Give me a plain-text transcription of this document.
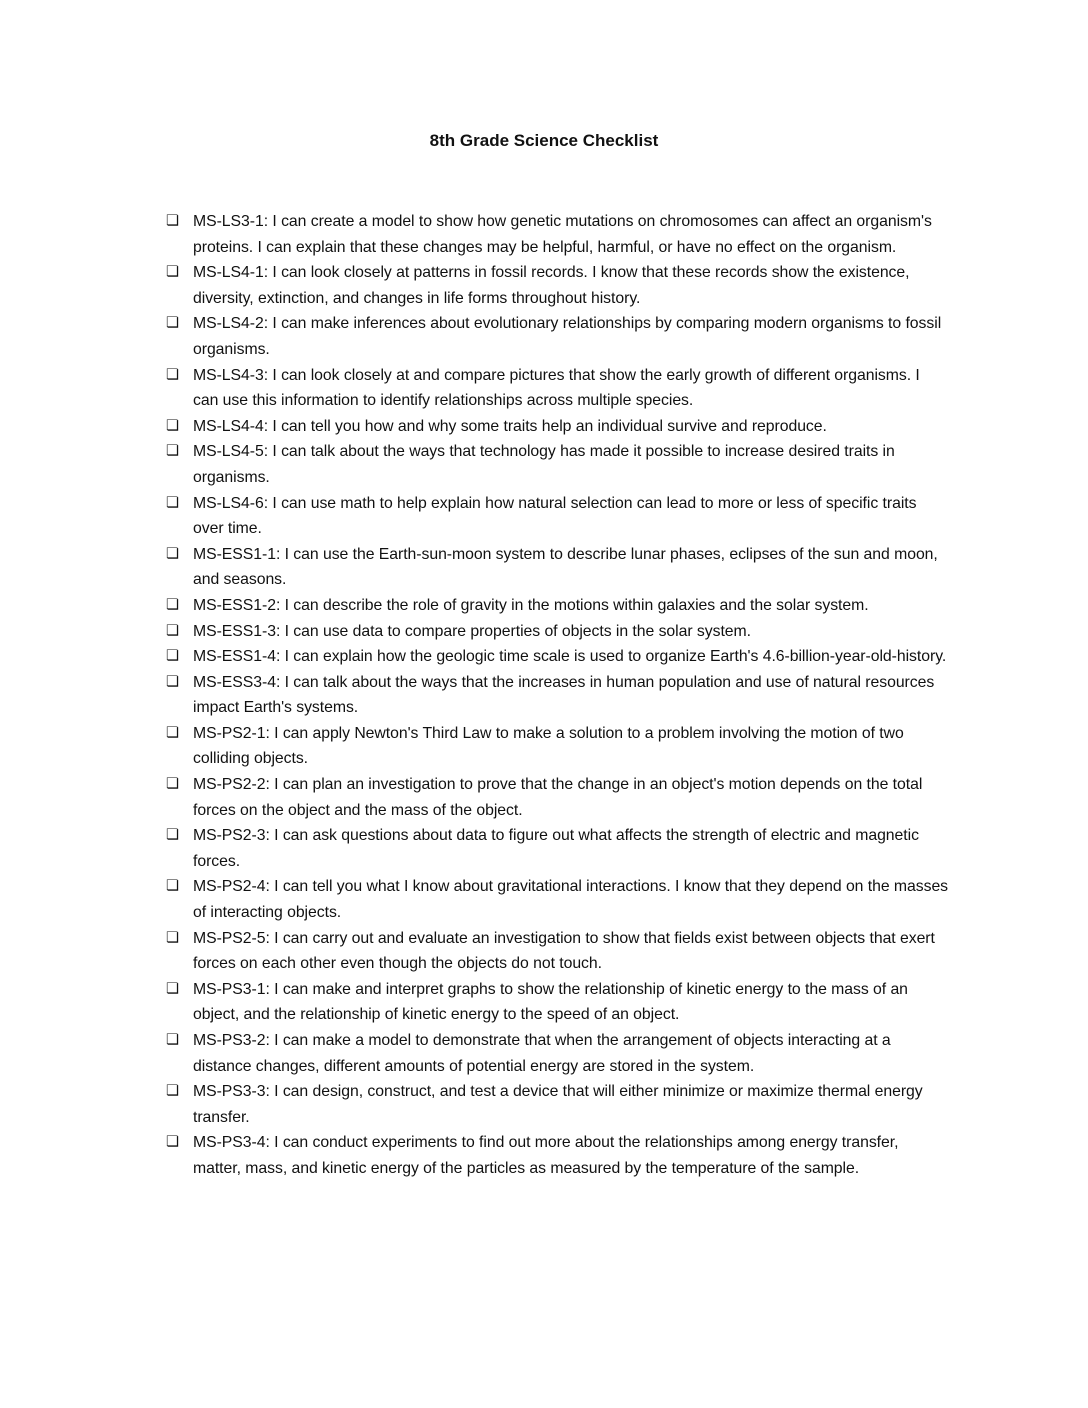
8th Grade Science Checklist
❏ MS-LS3-1: I can create a model to show how genetic mutations on chromosomes can affect an organism's proteins. I can explain that these changes may be helpful, harmful, or have no effect on the organism.
❏ MS-LS4-1: I can look closely at patterns in fossil records. I know that these records show the existence, diversity, extinction, and changes in life forms throughout history.
❏ MS-LS4-2: I can make inferences about evolutionary relationships by comparing modern organisms to fossil organisms.
❏ MS-LS4-3: I can look closely at and compare pictures that show the early growth of different organisms. I can use this information to identify relationships across multiple species.
❏ MS-LS4-4: I can tell you how and why some traits help an individual survive and reproduce.
❏ MS-LS4-5: I can talk about the ways that technology has made it possible to increase desired traits in organisms.
❏ MS-LS4-6: I can use math to help explain how natural selection can lead to more or less of specific traits over time.
❏ MS-ESS1-1: I can use the Earth-sun-moon system to describe lunar phases, eclipses of the sun and moon, and seasons.
❏ MS-ESS1-2: I can describe the role of gravity in the motions within galaxies and the solar system.
❏ MS-ESS1-3: I can use data to compare properties of objects in the solar system.
❏ MS-ESS1-4: I can explain how the geologic time scale is used to organize Earth's 4.6-billion-year-old-history.
❏ MS-ESS3-4: I can talk about the ways that the increases in human population and use of natural resources impact Earth's systems.
❏ MS-PS2-1: I can apply Newton's Third Law to make a solution to a problem involving the motion of two colliding objects.
❏ MS-PS2-2: I can plan an investigation to prove that the change in an object's motion depends on the total forces on the object and the mass of the object.
❏ MS-PS2-3: I can ask questions about data to figure out what affects the strength of electric and magnetic forces.
❏ MS-PS2-4: I can tell you what I know about gravitational interactions. I know that they depend on the masses of interacting objects.
❏ MS-PS2-5: I can carry out and evaluate an investigation to show that fields exist between objects that exert forces on each other even though the objects do not touch.
❏ MS-PS3-1: I can make and interpret graphs to show the relationship of kinetic energy to the mass of an object, and the relationship of kinetic energy to the speed of an object.
❏ MS-PS3-2: I can make a model to demonstrate that when the arrangement of objects interacting at a distance changes, different amounts of potential energy are stored in the system.
❏ MS-PS3-3: I can design, construct, and test a device that will either minimize or maximize thermal energy transfer.
❏ MS-PS3-4: I can conduct experiments to find out more about the relationships among energy transfer, matter, mass, and kinetic energy of the particles as measured by the temperature of the sample.
